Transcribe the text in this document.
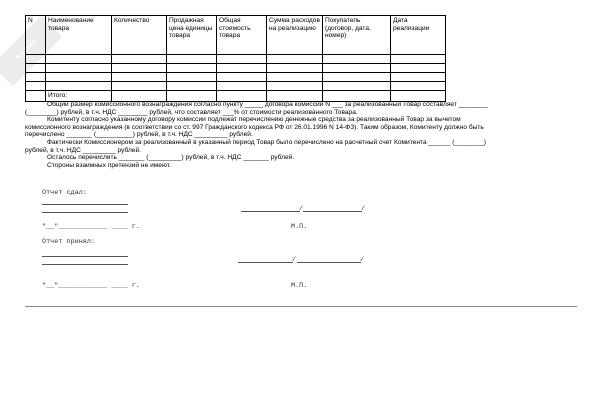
Nomen
N	Наименование товара	Количество	Продажная цена единицы товара	Общая стоимость товара	Сумма расходов на реализацию	Покупатель (договор, дата, номер)	Дата реализации

	Итого:						
Общий размер комиссионного вознаграждения согласно пункту _____ договора комиссии N ___ за реализованный Товар составляет ________
(________) рублей, в т.ч. НДС ________ рублей, что составляет ___% от стоимости реализованного Товара.
Комитенту согласно указанному договору комиссии подлежат перечислению денежные средства за реализованный Товар за вычетом
комиссионного вознаграждения (в соответствии со ст. 997 Гражданского кодекса РФ от 26.01.1996 N 14-ФЗ). Таким образом, Комитенту должно быть
перечислено _______ (__________) рублей, в т.ч. НДС _________ рублей.
Фактически Комиссионером за реализованный в указанный период Товар было перечислено на расчетный счет Комитента ______ (________)
рублей, в т.ч. НДС _________ рублей.
Осталось перечислить _______ (_________) рублей, в т.ч. НДС _______ рублей.
Стороны взаимных претензий не имеют.
Отчет сдал:
/	/
"__"____________ ____ г.	М.П.
Отчет принял:
/	/
"__"____________ ____ г.	М.П.
